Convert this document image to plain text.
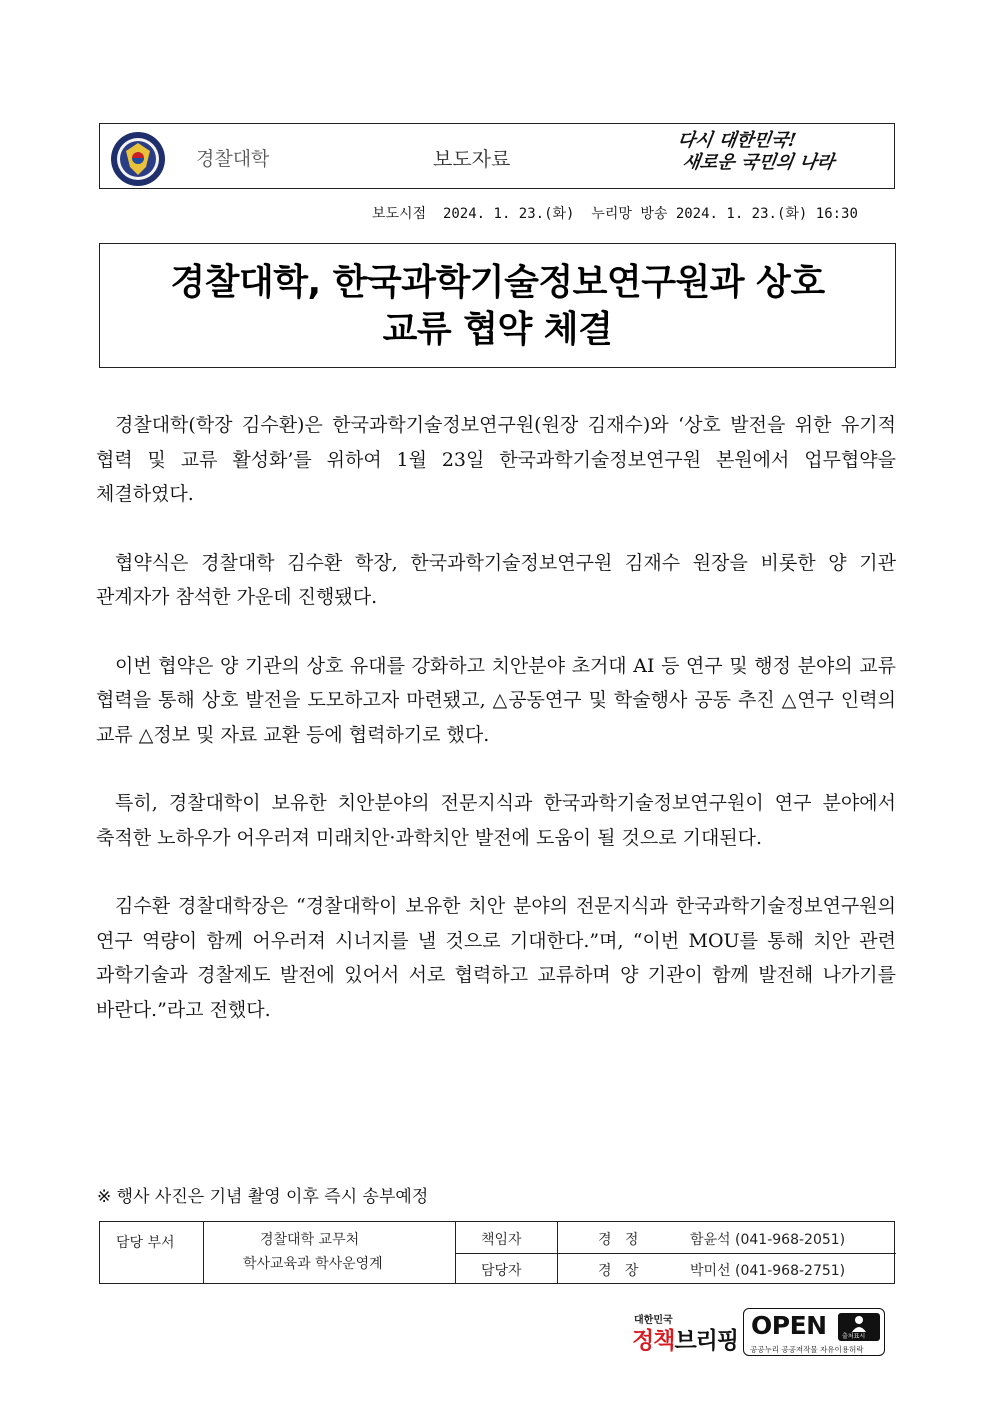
경찰대학	보도자료
다시 대한민국!
새로운 국민의 나라
보도시점  2024. 1. 23.(화)  누리망 방송 2024. 1. 23.(화) 16:30
경찰대학, 한국과학기술정보연구원과 상호
교류 협약 체결

경찰대학(학장 김수환)은 한국과학기술정보연구원(원장 김재수)와 ‘상호 발전을 위한 유기적 협력 및 교류 활성화’를 위하여 1월 23일 한국과학기술정보연구원 본원에서 업무협약을 체결하였다.

협약식은 경찰대학 김수환 학장, 한국과학기술정보연구원 김재수 원장을 비롯한 양 기관 관계자가 참석한 가운데 진행됐다.

이번 협약은 양 기관의 상호 유대를 강화하고 치안분야 초거대 AI 등 연구 및 행정 분야의 교류 협력을 통해 상호 발전을 도모하고자 마련됐고, △공동연구 및 학술행사 공동 추진 △연구 인력의 교류 △정보 및 자료 교환 등에 협력하기로 했다.

특히, 경찰대학이 보유한 치안분야의 전문지식과 한국과학기술정보연구원이 연구 분야에서 축적한 노하우가 어우러져 미래치안·과학치안 발전에 도움이 될 것으로 기대된다.

김수환 경찰대학장은 “경찰대학이 보유한 치안 분야의 전문지식과 한국과학기술정보연구원의 연구 역량이 함께 어우러져 시너지를 낼 것으로 기대한다.”며, “이번 MOU를 통해 치안 관련 과학기술과 경찰제도 발전에 있어서 서로 협력하고 교류하며 양 기관이 함께 발전해 나가기를 바란다.”라고 전했다.

※ 행사 사진은 기념 촬영 이후 즉시 송부예정
담당 부서	경찰대학 교무처
학사교육과 학사운영계
책임자	경   정	함윤석 (041-968-2051)
담당자	경   장	박미선 (041-968-2751)
대한민국
정책브리핑
OPEN	출처표시
공공누리 공공저작물 자유이용허락
